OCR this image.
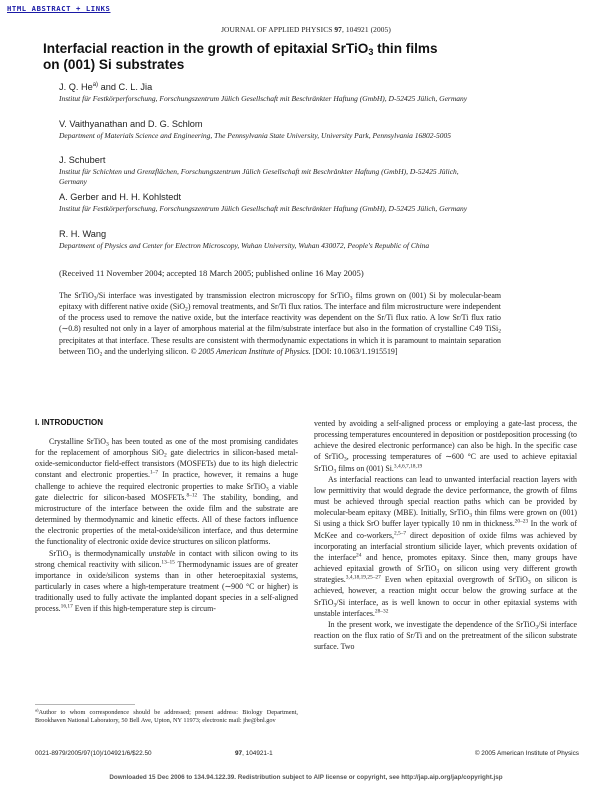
HTML ABSTRACT + LINKS
JOURNAL OF APPLIED PHYSICS 97, 104921 (2005)
Interfacial reaction in the growth of epitaxial SrTiO$_3$ thin films
on (001) Si substrates
J. Q. He$^{a)}$ and C. L. Jia
Institut für Festkörperforschung, Forschungszentrum Jülich Gesellschaft mit Beschränkter Haftung (GmbH), D-52425 Jülich, Germany
V. Vaithyanathan and D. G. Schlom
Department of Materials Science and Engineering, The Pennsylvania State University, University Park, Pennsylvania 16802-5005
J. Schubert
Institut für Schichten und Grenzflächen, Forschungszentrum Jülich Gesellschaft mit Beschränkter Haftung (GmbH), D-52425 Jülich, Germany
A. Gerber and H. H. Kohlstedt
Institut für Festkörperforschung, Forschungszentrum Jülich Gesellschaft mit Beschränkter Haftung (GmbH), D-52425 Jülich, Germany
R. H. Wang
Department of Physics and Center for Electron Microscopy, Wuhan University, Wuhan 430072, People's Republic of China
(Received 11 November 2004; accepted 18 March 2005; published online 16 May 2005)
The SrTiO$_3$/Si interface was investigated by transmission electron microscopy for SrTiO$_3$ films grown on (001) Si by molecular-beam epitaxy with different native oxide (SiO$_2$) removal treatments, and Sr/Ti flux ratios. The interface and film microstructure were independent of the process used to remove the native oxide, but the interface reactivity was dependent on the Sr/Ti flux ratio. A low Sr/Ti flux ratio (∼0.8) resulted not only in a layer of amorphous material at the film/substrate interface but also in the formation of crystalline C49 TiSi$_2$ precipitates at that interface. These results are consistent with thermodynamic expectations in which it is paramount to maintain separation between TiO$_2$ and the underlying silicon. © 2005 American Institute of Physics. [DOI: 10.1063/1.1915519]
I. INTRODUCTION

Crystalline SrTiO$_3$ has been touted as one of the most promising candidates for the replacement of amorphous SiO$_2$ gate dielectrics in silicon-based metal-oxide-semiconductor field-effect transistors (MOSFETs) due to its high dielectric constant and electronic properties.$^{1-7}$ In practice, however, it remains a huge challenge to achieve the required electronic properties to make SrTiO$_3$ a viable gate dielectric for silicon-based MOSFETs.$^{8-12}$ The stability, bonding, and microstructure of the interface between the oxide film and the substrate are determined by thermodynamic and kinetic effects. All of these factors influence the electronic properties of the metal-oxide/silicon interface, and thus determine the functionality of electronic oxide device structures on silicon platforms.

SrTiO$_3$ is thermodynamically unstable in contact with silicon owing to its strong chemical reactivity with silicon.$^{13-15}$ Thermodynamic issues are of greater importance in oxide/silicon systems than in other heteroepitaxial systems, particularly in cases where a high-temperature treatment (∼900 °C or higher) is traditionally used to fully activate the implanted dopant species in a self-aligned process.$^{16,17}$ Even if this high-temperature step is circum-

vented by avoiding a self-aligned process or employing a gate-last process, the processing temperatures encountered in deposition or postdeposition processing (to achieve the desired electronic performance) can also be high. In the specific case of SrTiO$_3$, processing temperatures of ∼600 °C are used to achieve epitaxial SrTiO$_3$ films on (001) Si.$^{3,4,6,7,18,19}$

As interfacial reactions can lead to unwanted interfacial reaction layers with low permittivity that would degrade the device performance, the growth of films must be achieved through special reaction paths which can be provided by molecular-beam epitaxy (MBE). Initially, SrTiO$_3$ thin films were grown on (001) Si using a thick SrO buffer layer typically 10 nm in thickness.$^{20-23}$ In the work of McKee and co-workers,$^{2,5-7}$ direct deposition of oxide films was achieved by incorporating an interfacial strontium silicide layer, which prevents oxidation of the interface$^{24}$ and hence, promotes epitaxy. Since then, many groups have achieved epitaxial growth of SrTiO$_3$ on silicon using very different growth strategies.$^{3,4,18,19,25-27}$ Even when epitaxial overgrowth of SrTiO$_3$ on silicon is achieved, however, a reaction might occur below the growing surface at the SrTiO$_3$/Si interface, as is well known to occur in other epitaxial systems with unstable interfaces.$^{28-32}$

In the present work, we investigate the dependence of the SrTiO$_3$/Si interface reaction on the flux ratio of Sr/Ti and on the pretreatment of the silicon substrate surface. Two

$^{a)}$Author to whom correspondence should be addressed; present address: Biology Department, Brookhaven National Laboratory, 50 Bell Ave, Upton, NY 11973; electronic mail: jhe@bnl.gov
0021-8979/2005/97(10)/104921/6/$22.50	97, 104921-1	© 2005 American Institute of Physics
Downloaded 15 Dec 2006 to 134.94.122.39. Redistribution subject to AIP license or copyright, see http://jap.aip.org/jap/copyright.jsp
